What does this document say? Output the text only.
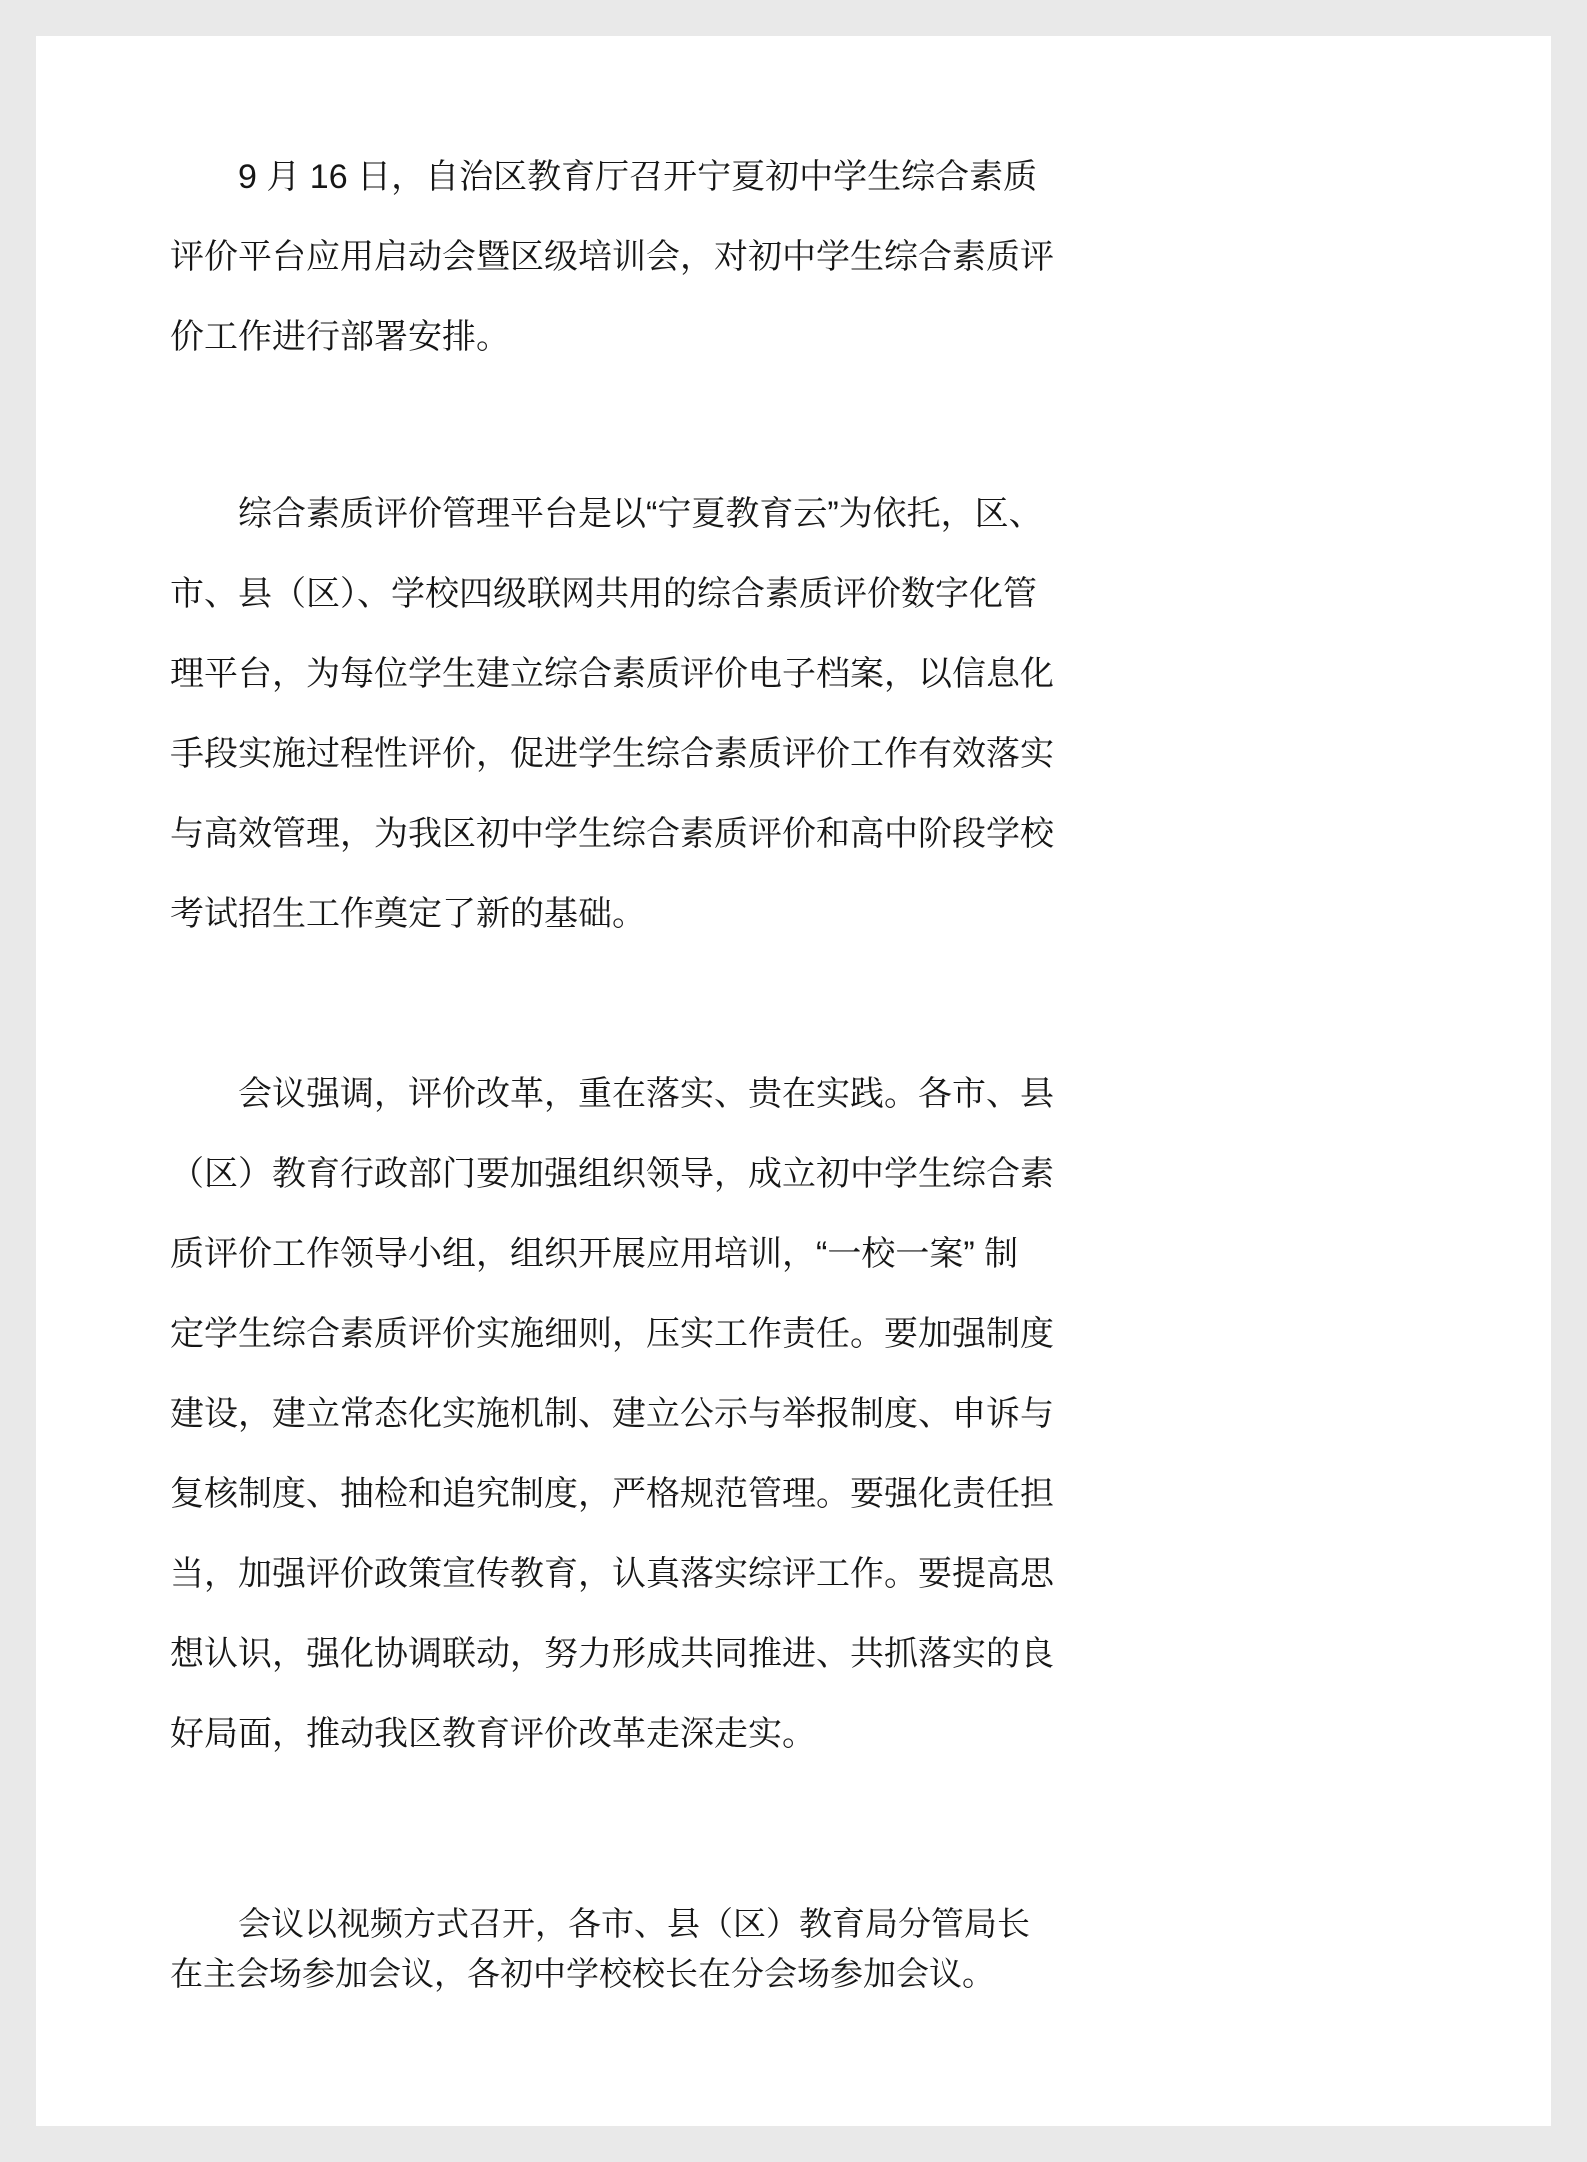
9 月 16 日，自治区教育厅召开宁夏初中学生综合素质
评价平台应用启动会暨区级培训会，对初中学生综合素质评
价工作进行部署安排。
综合素质评价管理平台是以“宁夏教育云”为依托，区、
市、县（区）、学校四级联网共用的综合素质评价数字化管
理平台，为每位学生建立综合素质评价电子档案，以信息化
手段实施过程性评价，促进学生综合素质评价工作有效落实
与高效管理，为我区初中学生综合素质评价和高中阶段学校
考试招生工作奠定了新的基础。
会议强调，评价改革，重在落实、贵在实践。各市、县
（区）教育行政部门要加强组织领导，成立初中学生综合素
质评价工作领导小组，组织开展应用培训，“一校一案” 制
定学生综合素质评价实施细则，压实工作责任。要加强制度
建设，建立常态化实施机制、建立公示与举报制度、申诉与
复核制度、抽检和追究制度，严格规范管理。要强化责任担
当，加强评价政策宣传教育，认真落实综评工作。要提高思
想认识，强化协调联动，努力形成共同推进、共抓落实的良
好局面，推动我区教育评价改革走深走实。
会议以视频方式召开，各市、县（区）教育局分管局长
在主会场参加会议，各初中学校校长在分会场参加会议。
